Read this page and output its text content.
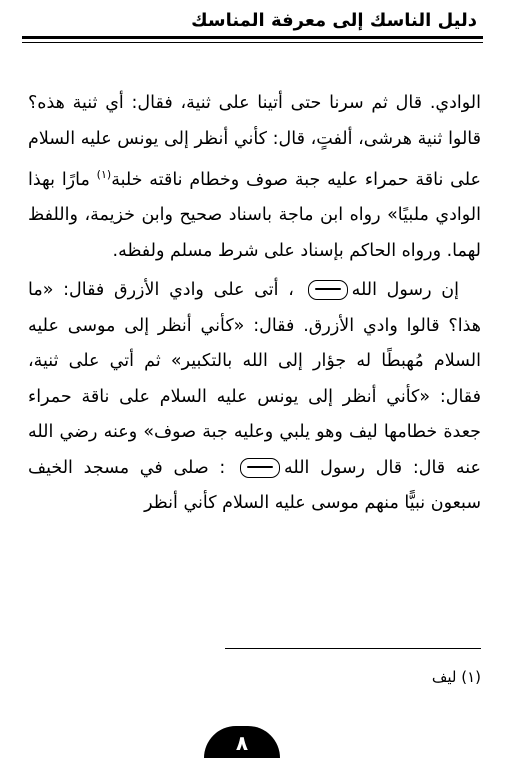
دليل الناسك إلى معرفة المناسك

الوادي. قال ثم سرنا حتى أتينا على ثنية، فقال: أي ثنية هذه؟ قالوا ثنية هرشى، ألفتٍ، قال: كأني أنظر إلى يونس عليه السلام على ناقة حمراء عليه جبة صوف وخطام ناقته خلبة$^{(١)}$ مارًا بهذا الوادي ملبيًا» رواه ابن ماجة باسناد صحيح وابن خزيمة، واللفظ لهما. ورواه الحاكم بإسناد على شرط مسلم ولفظه.

إن رسول الله ، أتى على وادي الأزرق فقال: «ما هذا؟ قالوا وادي الأزرق. فقال: «كأني أنظر إلى موسى عليه السلام مُهبطًا له جؤار إلى الله بالتكبير» ثم أتي على ثنية، فقال: «كأني أنظر إلى يونس عليه السلام على ناقة حمراء جعدة خطامها ليف وهو يلبي وعليه جبة صوف» وعنه رضي الله عنه قال: قال رسول الله : صلى في مسجد الخيف سبعون نبيًّا منهم موسى عليه السلام كأني أنظر

(١) ليف
٨
